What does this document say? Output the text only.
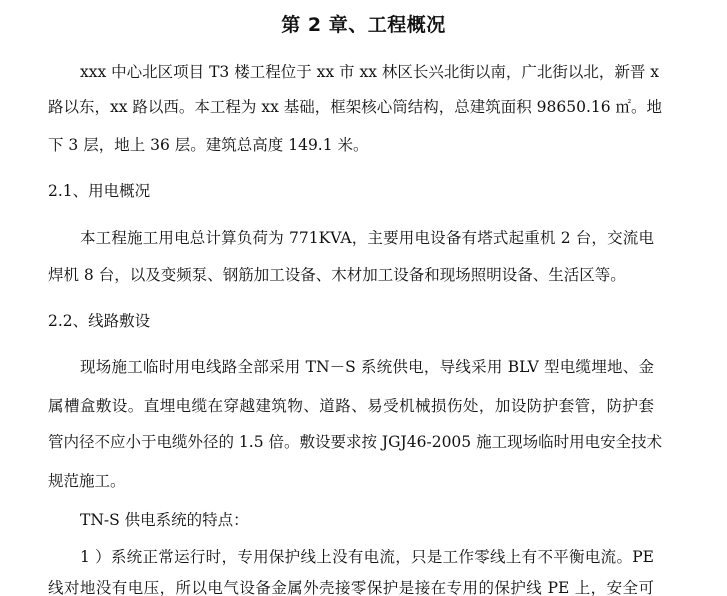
第 2 章、工程概况
xxx 中心北区项目 T3 楼工程位于 xx 市 xx 林区长兴北街以南，广北街以北，新晋 x
路以东，xx 路以西。本工程为 xx 基础，框架核心筒结构，总建筑面积 98650.16 ㎡。地
下 3 层，地上 36 层。建筑总高度 149.1 米。
2.1、用电概况
本工程施工用电总计算负荷为 771KVA，主要用电设备有塔式起重机 2 台，交流电
焊机 8 台，以及变频泵、钢筋加工设备、木材加工设备和现场照明设备、生活区等。
2.2、线路敷设
现场施工临时用电线路全部采用 TN－S 系统供电，导线采用 BLV 型电缆埋地、金
属槽盒敷设。直埋电缆在穿越建筑物、道路、易受机械损伤处，加设防护套管，防护套
管内径不应小于电缆外径的 1.5 倍。敷设要求按 JGJ46-2005 施工现场临时用电安全技术
规范施工。
TN-S 供电系统的特点：
1 ）系统正常运行时，专用保护线上没有电流，只是工作零线上有不平衡电流。PE
线对地没有电压，所以电气设备金属外壳接零保护是接在专用的保护线 PE 上，安全可
